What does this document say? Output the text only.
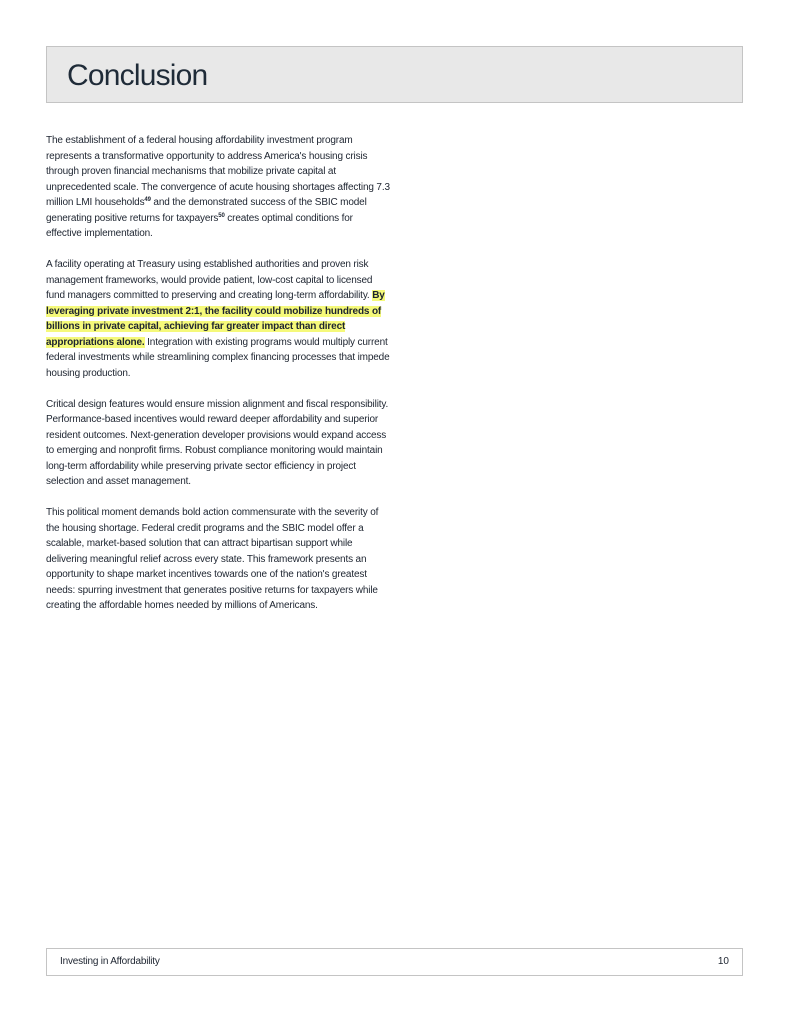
Conclusion

The establishment of a federal housing affordability investment program represents a transformative opportunity to address America's housing crisis through proven financial mechanisms that mobilize private capital at unprecedented scale. The convergence of acute housing shortages affecting 7.3 million LMI households$^{49}$ and the demonstrated success of the SBIC model generating positive returns for taxpayers$^{50}$ creates optimal conditions for effective implementation.

A facility operating at Treasury using established authorities and proven risk management frameworks, would provide patient, low-cost capital to licensed fund managers committed to preserving and creating long-term affordability. By leveraging private investment 2:1, the facility could mobilize hundreds of billions in private capital, achieving far greater impact than direct appropriations alone. Integration with existing programs would multiply current federal investments while streamlining complex financing processes that impede housing production.

Critical design features would ensure mission alignment and fiscal responsibility. Performance-based incentives would reward deeper affordability and superior resident outcomes. Next-generation developer provisions would expand access to emerging and nonprofit firms. Robust compliance monitoring would maintain long-term affordability while preserving private sector efficiency in project selection and asset management.

This political moment demands bold action commensurate with the severity of the housing shortage. Federal credit programs and the SBIC model offer a scalable, market-based solution that can attract bipartisan support while delivering meaningful relief across every state. This framework presents an opportunity to shape market incentives towards one of the nation's greatest needs: spurring investment that generates positive returns for taxpayers while creating the affordable homes needed by millions of Americans.

Investing in Affordability	10
